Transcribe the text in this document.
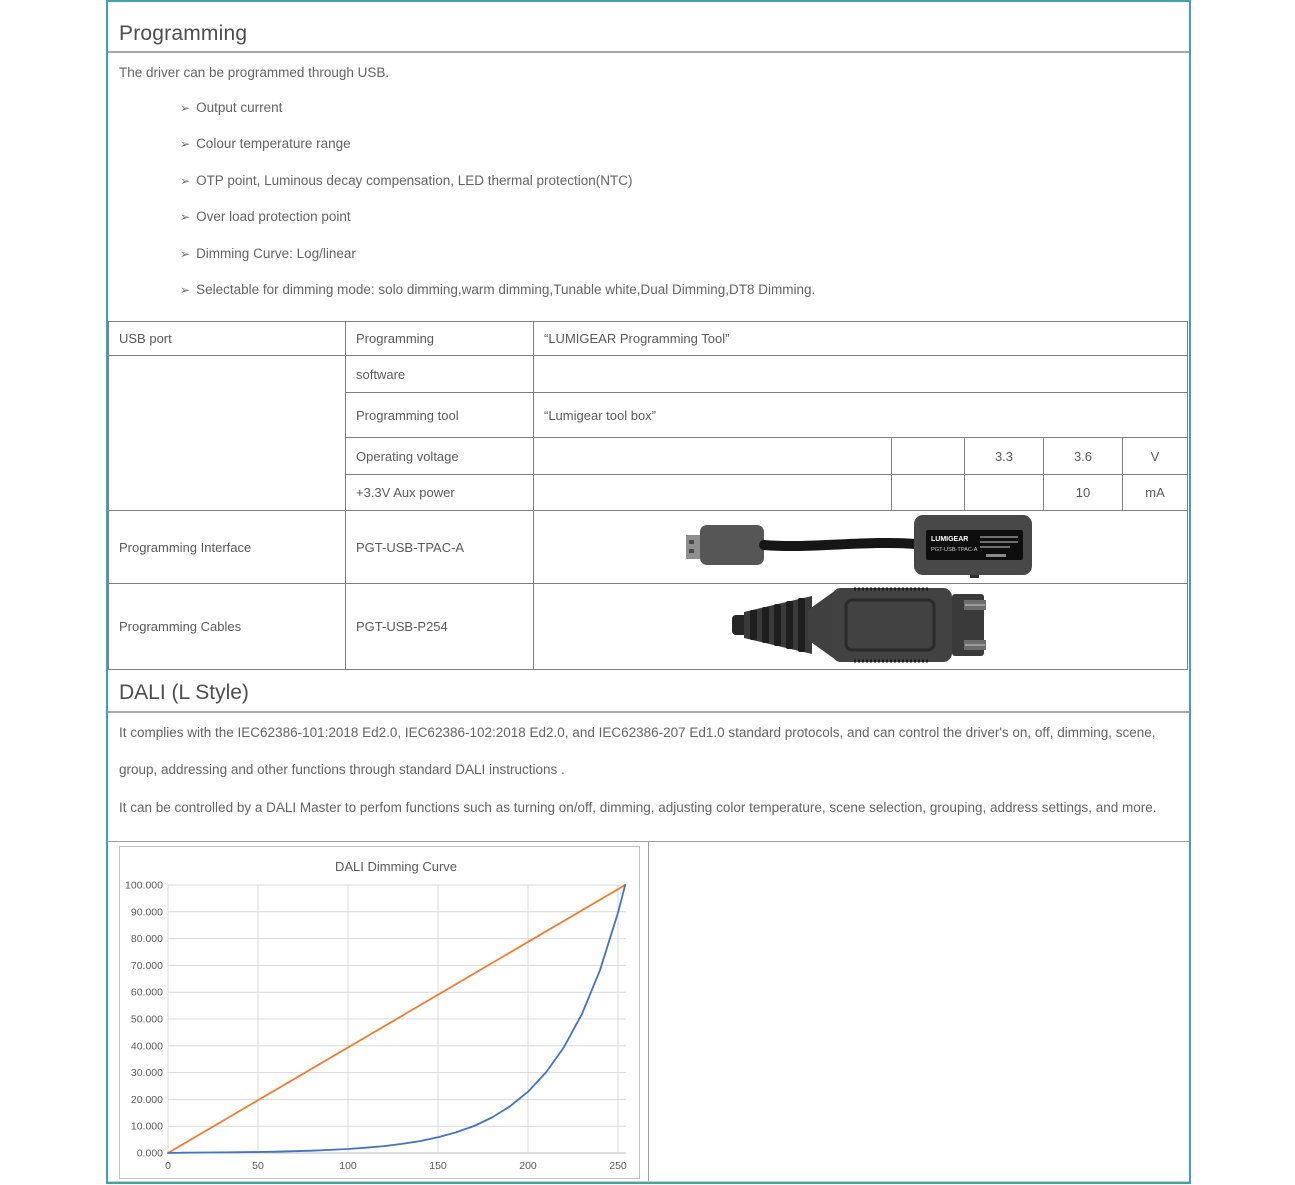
Programming
The driver can be programmed through USB.
➢ Output current
➢ Colour temperature range
➢ OTP point, Luminous decay compensation, LED thermal protection(NTC)
➢ Over load protection point
➢ Dimming Curve: Log/linear
➢ Selectable for dimming mode: solo dimming,warm dimming,Tunable white,Dual Dimming,DT8 Dimming.
USB port	Programming	“LUMIGEAR Programming Tool”				
	software					
	Programming tool	“Lumigear tool box”				
	Operating voltage			3.3	3.6	V
	+3.3V Aux power				10	mA
Programming Interface	PGT-USB-TPAC-A	LUMIGEAR
PGT-USB-TPAC-A				

Programming Cables	PGT-USB-P254	
DALI (L Style)

It complies with the IEC62386-101:2018 Ed2.0, IEC62386-102:2018 Ed2.0, and IEC62386-207 Ed1.0 standard protocols, and can control the driver's on, off, dimming, scene, group, addressing and other functions through standard DALI instructions .

It can be controlled by a DALI Master to perfom functions such as turning on/off, dimming, adjusting color temperature, scene selection, grouping, address settings, and more.

DALI Dimming Curve
100.000
90.000
80.000
70.000
60.000
50.000
40.000
30.000
20.000
10.000
0.000
0	50	100	150	200	250
